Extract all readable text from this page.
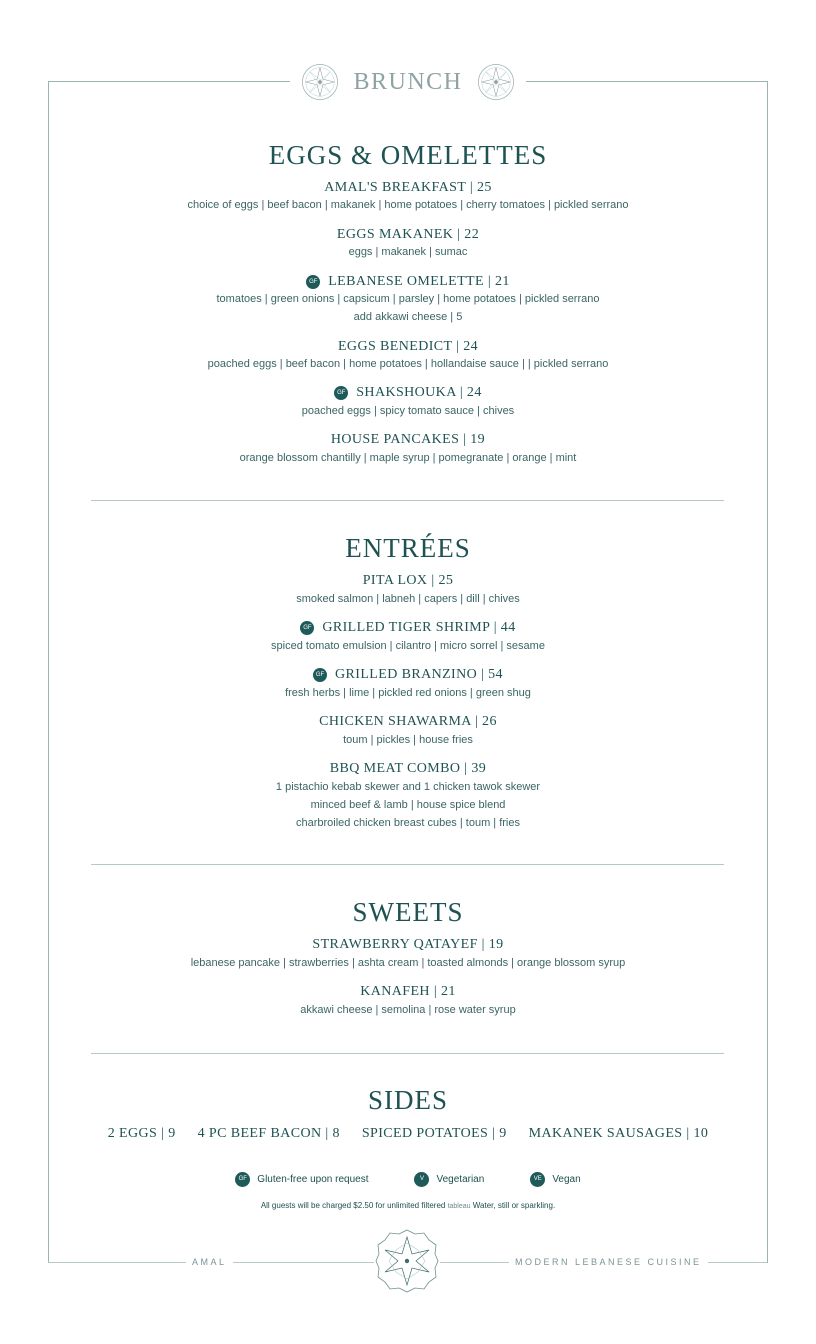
BRUNCH
EGGS & OMELETTES
AMAL'S BREAKFAST | 25
choice of eggs | beef bacon | makanek | home potatoes | cherry tomatoes | pickled serrano
EGGS MAKANEK | 22
eggs | makanek | sumac
GF LEBANESE OMELETTE | 21
tomatoes | green onions | capsicum | parsley | home potatoes | pickled serrano
add akkawi cheese | 5
EGGS BENEDICT | 24
poached eggs | beef bacon | home potatoes | hollandaise sauce | | pickled serrano
GF SHAKSHOUKA | 24
poached eggs | spicy tomato sauce | chives
HOUSE PANCAKES | 19
orange blossom chantilly | maple syrup | pomegranate | orange | mint
ENTRÉES
PITA LOX | 25
smoked salmon | labneh | capers | dill | chives
GF GRILLED TIGER SHRIMP | 44
spiced tomato emulsion | cilantro | micro sorrel | sesame
GF GRILLED BRANZINO | 54
fresh herbs | lime | pickled red onions | green shug
CHICKEN SHAWARMA | 26
toum | pickles | house fries
BBQ MEAT COMBO | 39
1 pistachio kebab skewer and 1 chicken tawok skewer
minced beef & lamb | house spice blend
charbroiled chicken breast cubes | toum | fries
SWEETS
STRAWBERRY QATAYEF | 19
lebanese pancake | strawberries | ashta cream | toasted almonds | orange blossom syrup
KANAFEH | 21
akkawi cheese | semolina | rose water syrup
SIDES
2 EGGS | 9 4 PC BEEF BACON | 8 SPICED POTATOES | 9 MAKANEK SAUSAGES | 10
GF	Gluten-free upon request	V	Vegetarian	VE	Vegan
All guests will be charged $2.50 for unlimited filtered tableau Water, still or sparkling.
AMAL	MODERN LEBANESE CUISINE
